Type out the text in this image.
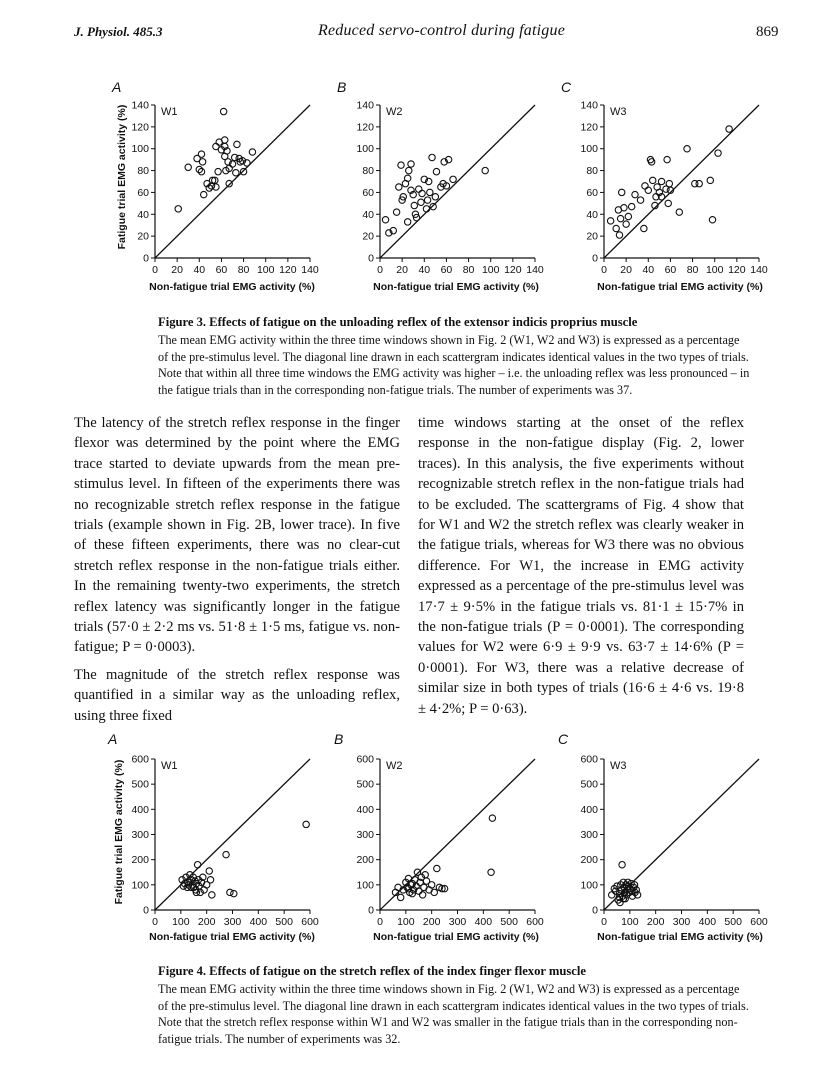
J. Physiol. 485.3	Reduced servo-control during fatigue	869
0
0
20
20
40
40
60
60
80
80
100
100
120
120
140
140
A
W1
0
0
20
20
40
40
60
60
80
80
100
100
120
120
140
140
B
W2
0
0
20
20
40
40
60
60
80
80
100
100
120
120
140
140
C
W3
0
0
100
100
200
200
300
300
400
400
500
500
600
600
A
W1
0
0
100
100
200
200
300
300
400
400
500
500
600
600
B
W2
0
0
100
100
200
200
300
300
400
400
500
500
600
600
C
W3
Fatigue trial EMG activity (%)
Non-fatigue trial EMG activity (%)	Non-fatigue trial EMG activity (%)	Non-fatigue trial EMG activity (%)
Fatigue trial EMG activity (%)
Non-fatigue trial EMG activity (%)	Non-fatigue trial EMG activity (%)	Non-fatigue trial EMG activity (%)
Figure 3. Effects of fatigue on the unloading reflex of the extensor indicis proprius muscle
The mean EMG activity within the three time windows shown in Fig. 2 (W1, W2 and W3) is expressed as a percentage of the pre-stimulus level. The diagonal line drawn in each scattergram indicates identical values in the two types of trials. Note that within all three time windows the EMG activity was higher – i.e. the unloading reflex was less pronounced – in the fatigue trials than in the corresponding non-fatigue trials. The number of experiments was 37.

The latency of the stretch reflex response in the finger flexor was determined by the point where the EMG trace started to deviate upwards from the mean pre-stimulus level. In fifteen of the experiments there was no recognizable stretch reflex response in the fatigue trials (example shown in Fig. 2B, lower trace). In five of these fifteen experiments, there was no clear-cut stretch reflex response in the non-fatigue trials either. In the remaining twenty-two experiments, the stretch reflex latency was significantly longer in the fatigue trials (57·0 ± 2·2 ms vs. 51·8 ± 1·5 ms, fatigue vs. non-fatigue; P = 0·0003).

The magnitude of the stretch reflex response was quantified in a similar way as the unloading reflex, using three fixed

time windows starting at the onset of the reflex response in the non-fatigue display (Fig. 2, lower traces). In this analysis, the five experiments without recognizable stretch reflex in the non-fatigue trials had to be excluded. The scattergrams of Fig. 4 show that for W1 and W2 the stretch reflex was clearly weaker in the fatigue trials, whereas for W3 there was no obvious difference. For W1, the increase in EMG activity expressed as a percentage of the pre-stimulus level was 17·7 ± 9·5% in the fatigue trials vs. 81·1 ± 15·7% in the non-fatigue trials (P = 0·0001). The corresponding values for W2 were 6·9 ± 9·9 vs. 63·7 ± 14·6% (P = 0·0001). For W3, there was a relative decrease of similar size in both types of trials (16·6 ± 4·6 vs. 19·8 ± 4·2%; P = 0·63).

Figure 4. Effects of fatigue on the stretch reflex of the index finger flexor muscle
The mean EMG activity within the three time windows shown in Fig. 2 (W1, W2 and W3) is expressed as a percentage of the pre-stimulus level. The diagonal line drawn in each scattergram indicates identical values in the two types of trials. Note that the stretch reflex response within W1 and W2 was smaller in the fatigue trials than in the corresponding non-fatigue trials. The number of experiments was 32.
